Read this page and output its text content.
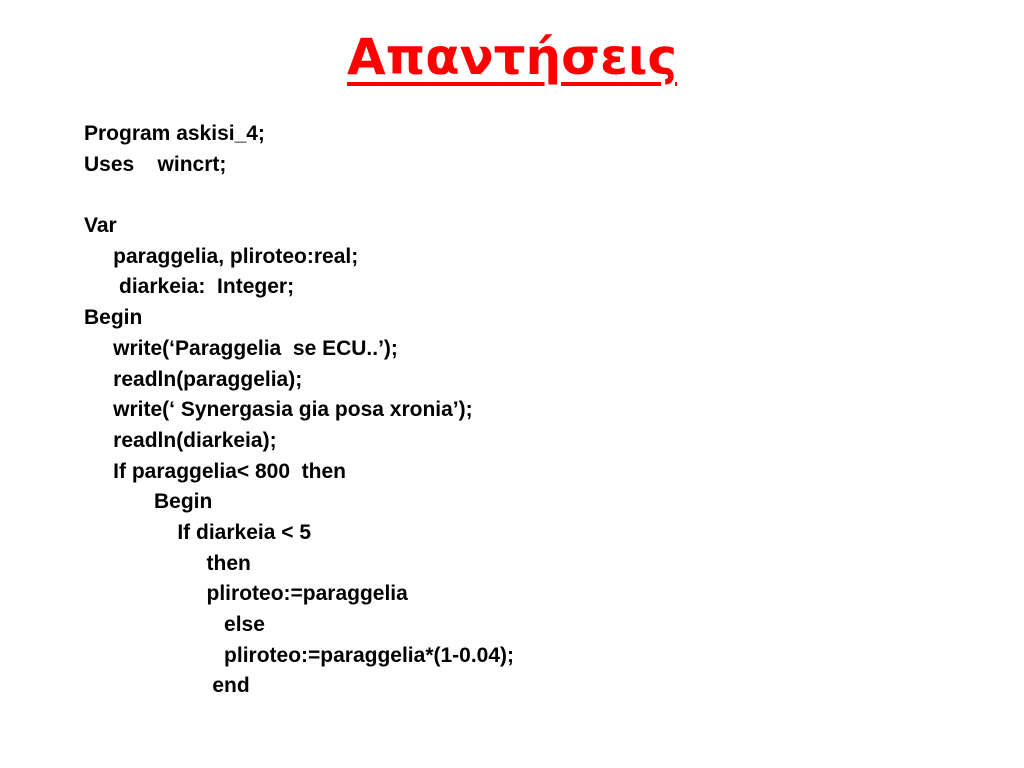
Απαντήσεις
Program askisi_4;
Uses    wincrt;
Var
paraggelia, pliroteo:real;
diarkeia:  Integer;
Begin
write(‘Paraggelia  se ECU..’);
readln(paraggelia);
write(‘ Synergasia gia posa xronia’);
readln(diarkeia);
If paraggelia< 800  then
Begin
If diarkeia < 5
then
pliroteo:=paraggelia
else
pliroteo:=paraggelia*(1-0.04);
end
